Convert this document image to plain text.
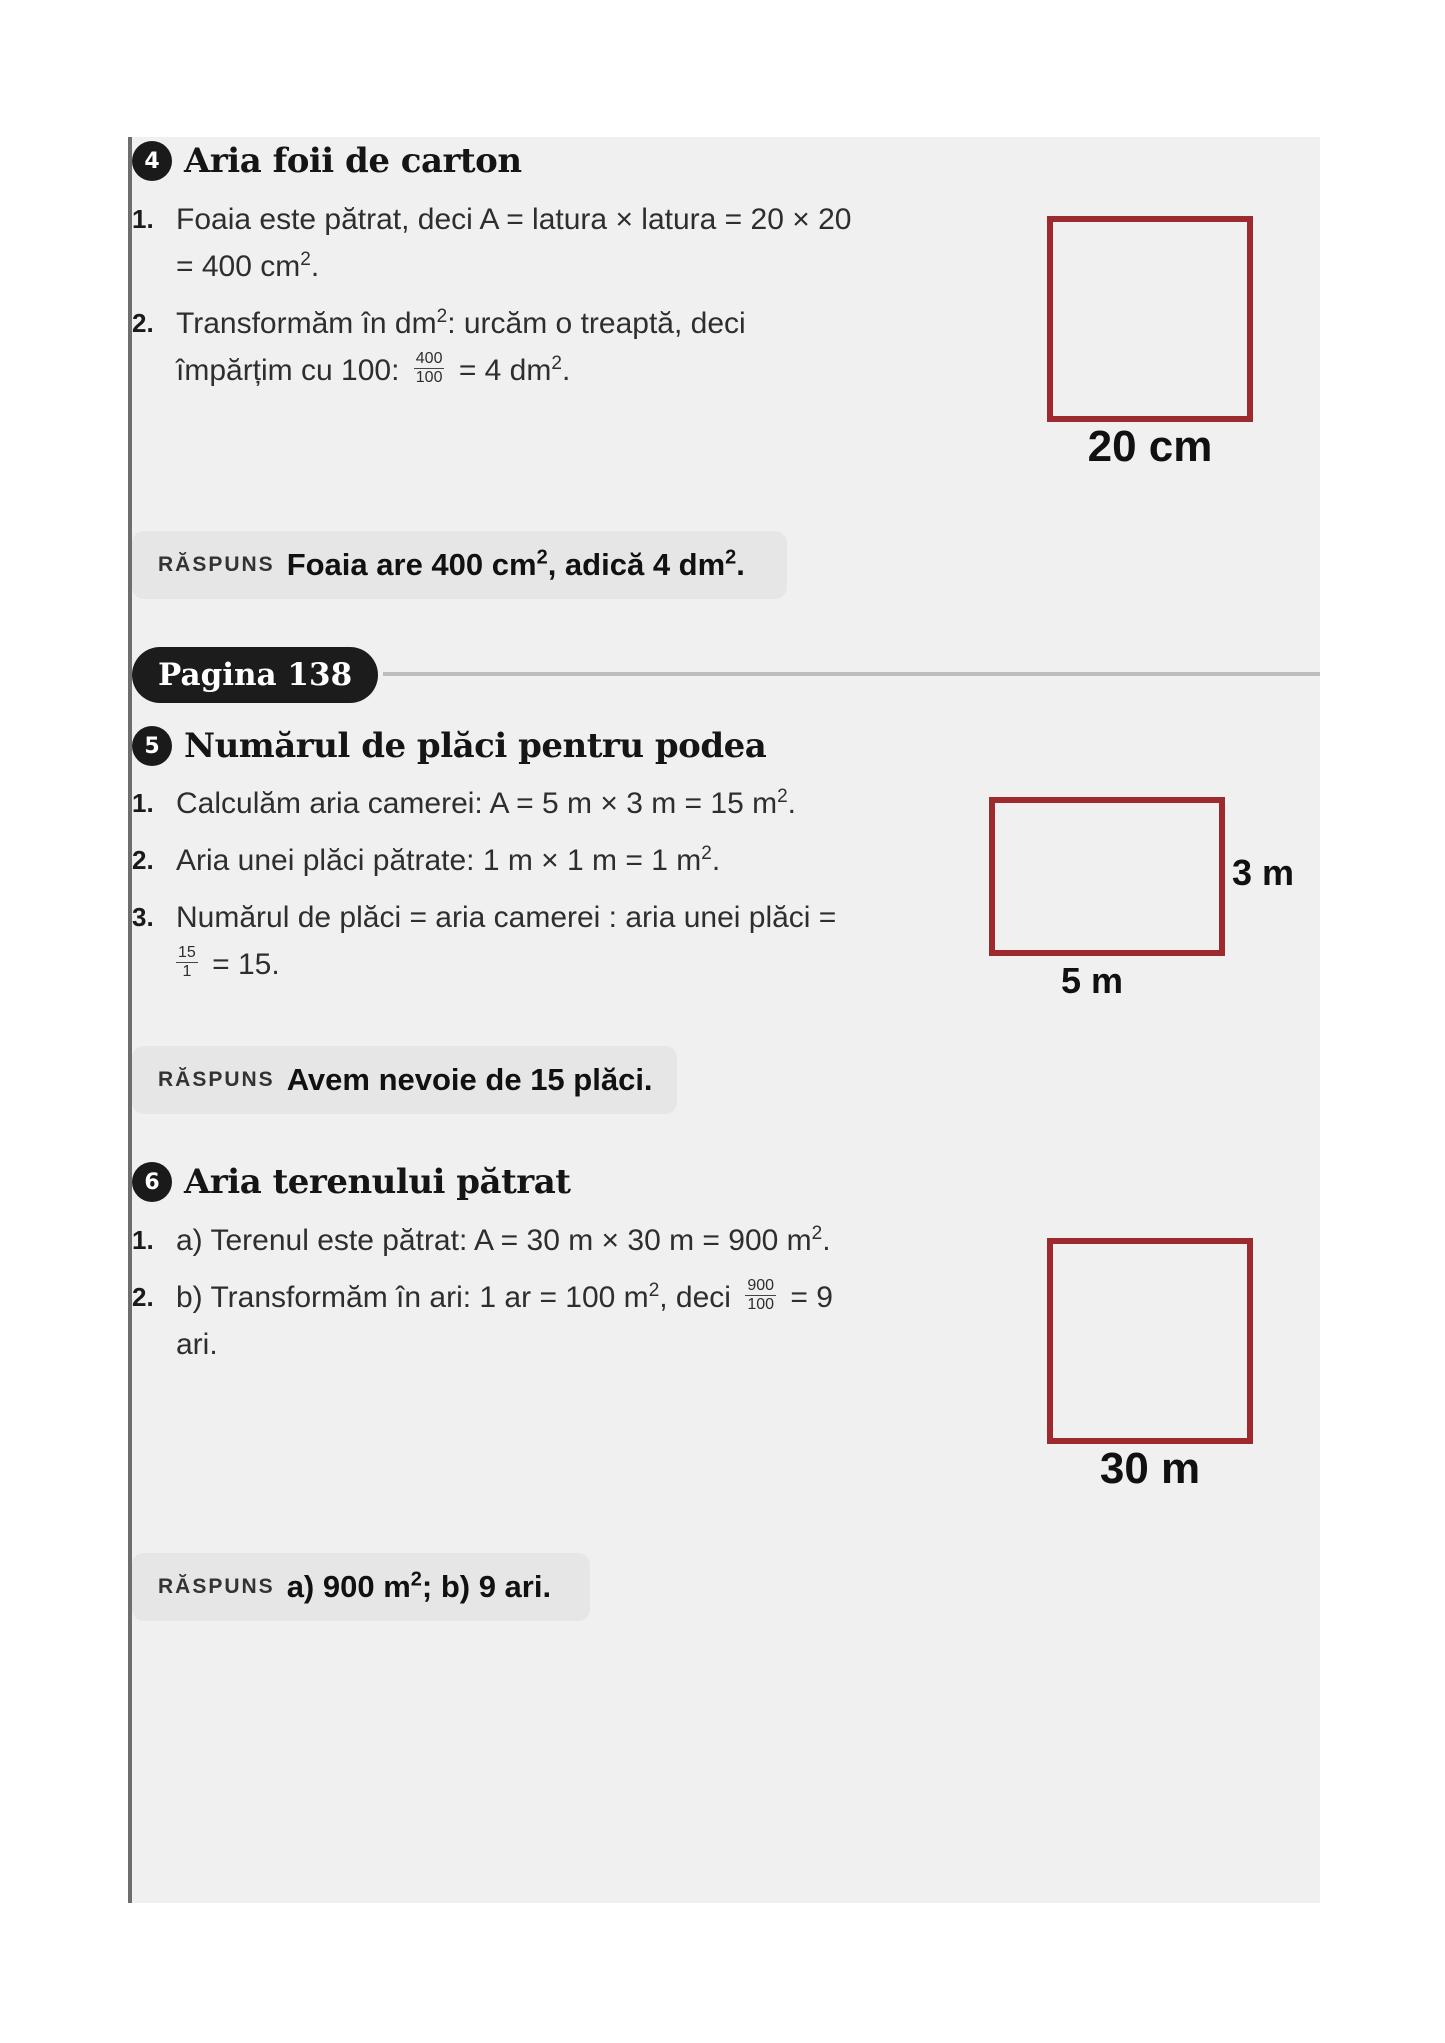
4 Aria foii de carton
1. Foaia este pătrat, deci A = latura × latura = 20 × 20
= 400 $cm^2$.
2. Transformăm în $dm^2$: urcăm o treaptă, deci
împărțim cu 100: $\frac{400}{100} = 4$ $dm^2$.
20 cm
RĂSPUNS Foaia are 400 $cm^2$, adică 4 $dm^2$.
Pagina 138
5 Numărul de plăci pentru podea
1. Calculăm aria camerei: A = 5 m × 3 m = 15 $m^2$.
2. Aria unei plăci pătrate: 1 m × 1 m = 1 $m^2$.
3. Numărul de plăci = aria camerei : aria unei plăci =

$\frac{15}{1} = 15$.
3 m
5 m
RĂSPUNS Avem nevoie de 15 plăci.
6 Aria terenului pătrat
1. a) Terenul este pătrat: A = 30 m × 30 m = 900 $m^2$.
2. b) Transformăm în ari: 1 ar = 100 $m^2$, deci $\frac{900}{100} = 9$
ari.
30 m
RĂSPUNS a) 900 $m^2$; b) 9 ari.
